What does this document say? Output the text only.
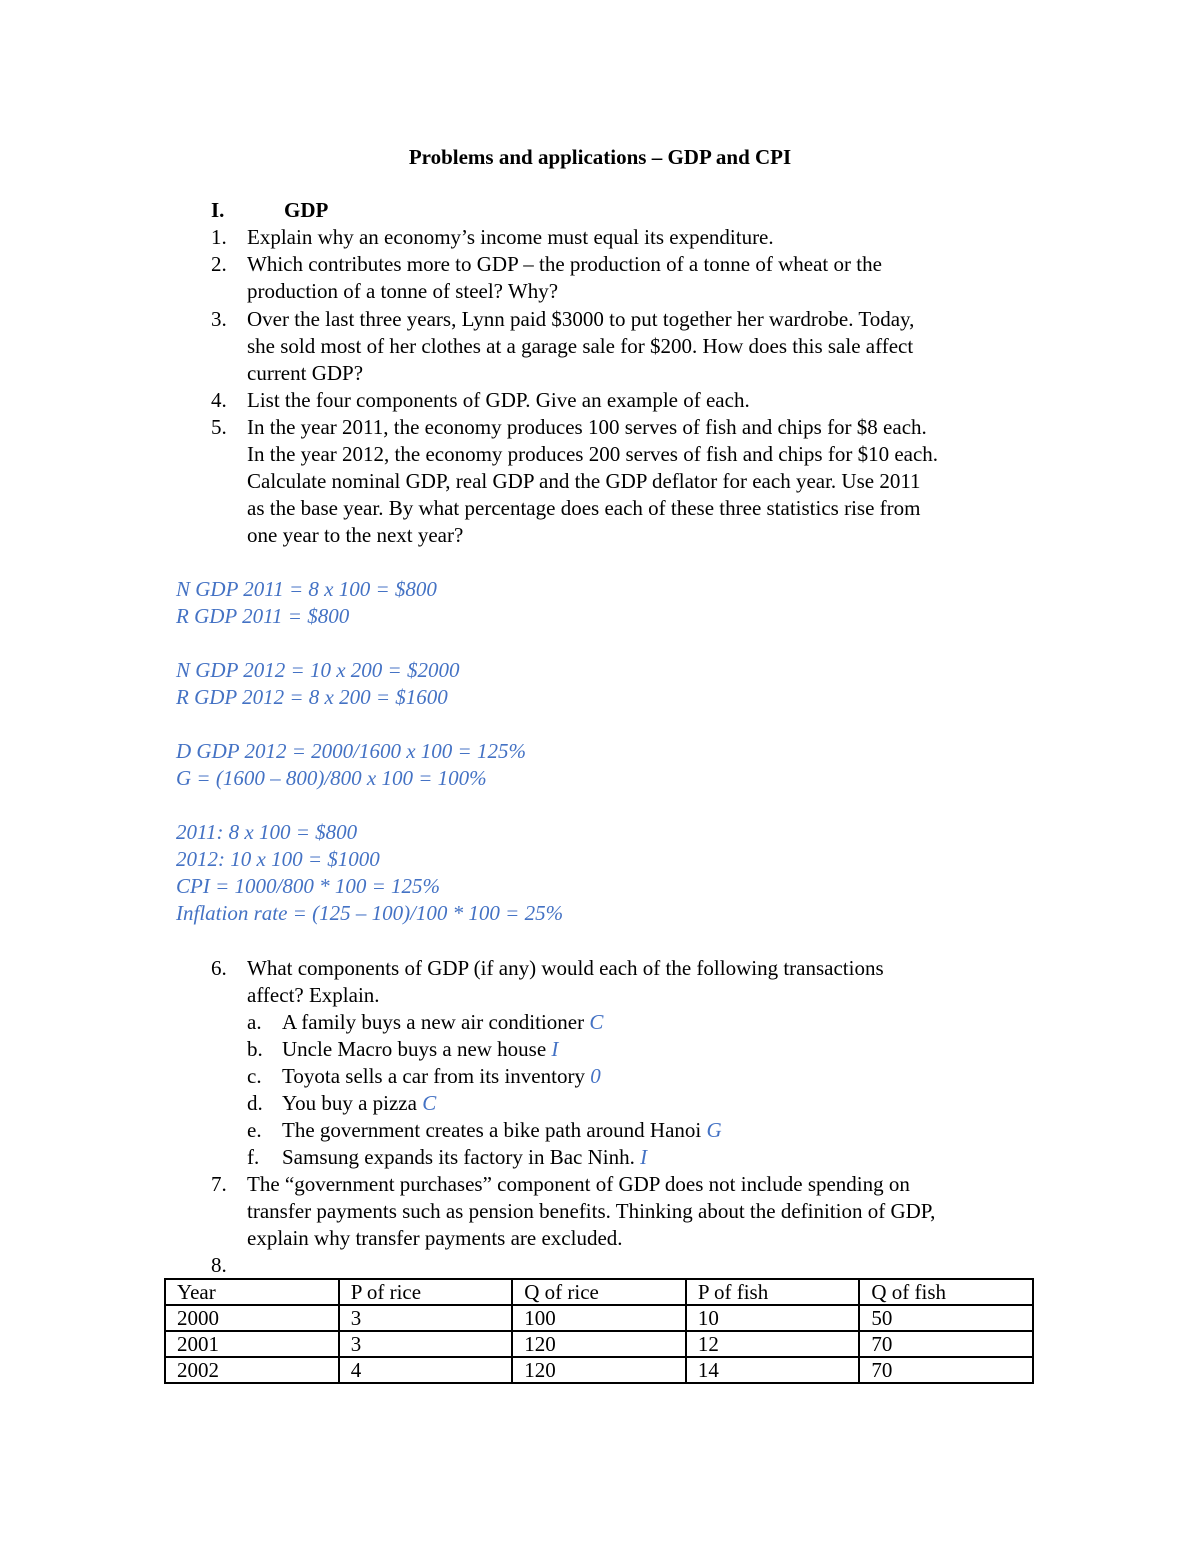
Problems and applications – GDP and CPI
I.	GDP
1. Explain why an economy’s income must equal its expenditure.
2. Which contributes more to GDP – the production of a tonne of wheat or the
production of a tonne of steel? Why?
3. Over the last three years, Lynn paid $3000 to put together her wardrobe. Today,
she sold most of her clothes at a garage sale for $200. How does this sale affect
current GDP?
4. List the four components of GDP. Give an example of each.
5. In the year 2011, the economy produces 100 serves of fish and chips for $8 each.
In the year 2012, the economy produces 200 serves of fish and chips for $10 each.
Calculate nominal GDP, real GDP and the GDP deflator for each year. Use 2011
as the base year. By what percentage does each of these three statistics rise from
one year to the next year?
N GDP 2011 = 8 x 100 = $800
R GDP 2011 = $800
N GDP 2012 = 10 x 200 = $2000
R GDP 2012 = 8 x 200 = $1600
D GDP 2012 = 2000/1600 x 100 = 125%
G = (1600 – 800)/800 x 100 = 100%
2011: 8 x 100 = $800
2012: 10 x 100 = $1000
CPI = 1000/800 * 100 = 125%
Inflation rate = (125 – 100)/100 * 100 = 25%
6. What components of GDP (if any) would each of the following transactions
affect? Explain.
a. A family buys a new air conditioner C
b. Uncle Macro buys a new house I
c. Toyota sells a car from its inventory 0
d. You buy a pizza C
e. The government creates a bike path around Hanoi G
f. Samsung expands its factory in Bac Ninh. I
7. The “government purchases” component of GDP does not include spending on
transfer payments such as pension benefits. Thinking about the definition of GDP,
explain why transfer payments are excluded.
8.
Year	P of rice	Q of rice	P of fish	Q of fish
2000	3	100	10	50
2001	3	120	12	70
2002	4	120	14	70
